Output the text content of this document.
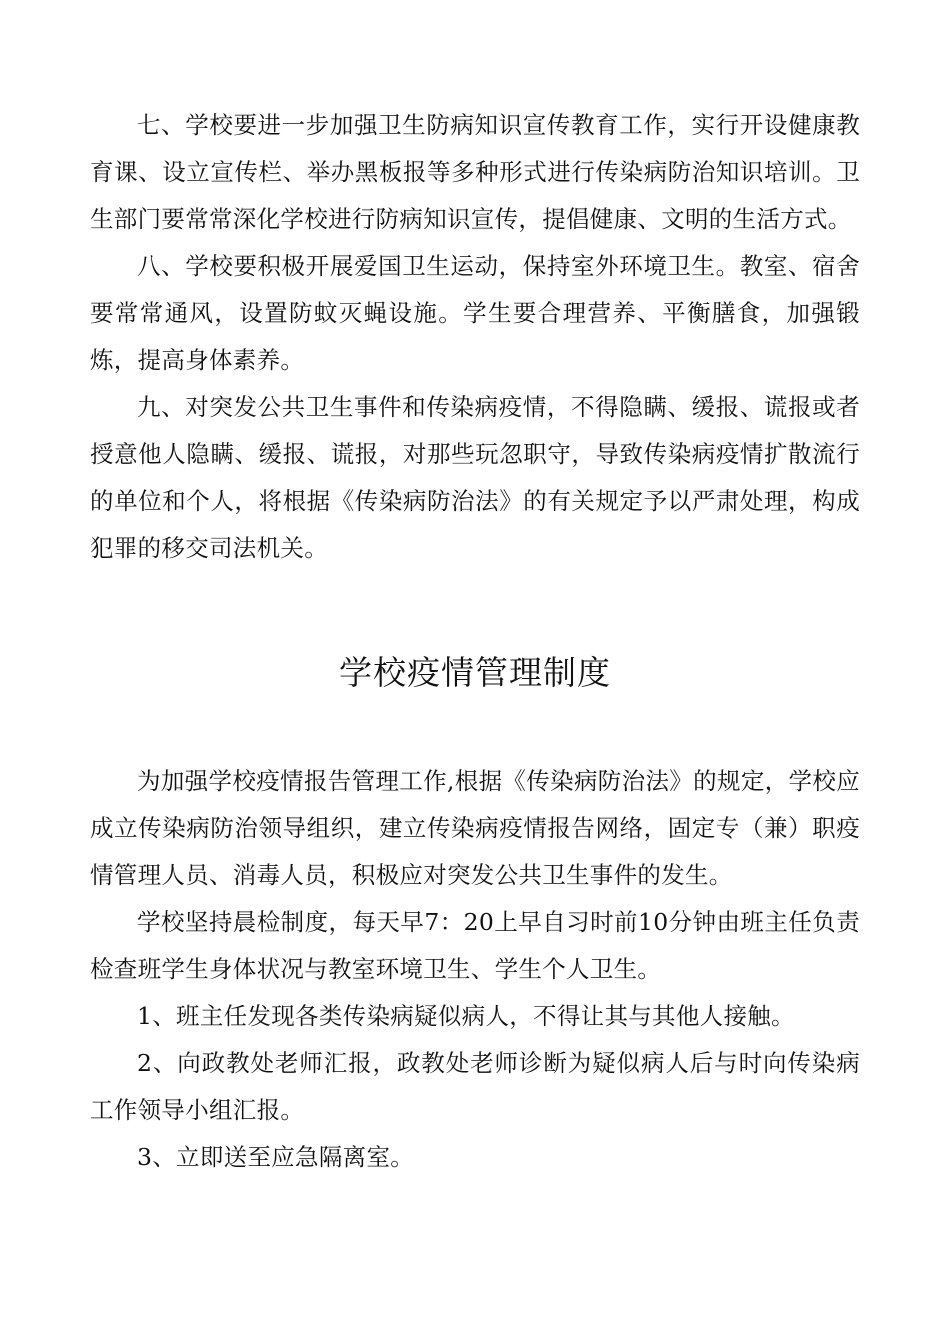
七、学校要进一步加强卫生防病知识宣传教育工作，实行开设健康教育课、设立宣传栏、举办黑板报等多种形式进行传染病防治知识培训。卫生部门要常常深化学校进行防病知识宣传，提倡健康、文明的生活方式。

八、学校要积极开展爱国卫生运动，保持室外环境卫生。教室、宿舍要常常通风，设置防蚊灭蝇设施。学生要合理营养、平衡膳食，加强锻炼，提高身体素养。

九、对突发公共卫生事件和传染病疫情，不得隐瞒、缓报、谎报或者授意他人隐瞒、缓报、谎报，对那些玩忽职守，导致传染病疫情扩散流行的单位和个人，将根据《传染病防治法》的有关规定予以严肃处理，构成犯罪的移交司法机关。

学校疫情管理制度

为加强学校疫情报告管理工作,根据《传染病防治法》的规定，学校应成立传染病防治领导组织，建立传染病疫情报告网络，固定专（兼）职疫情管理人员、消毒人员，积极应对突发公共卫生事件的发生。

学校坚持晨检制度，每天早7：20上早自习时前10分钟由班主任负责检查班学生身体状况与教室环境卫生、学生个人卫生。

1、班主任发现各类传染病疑似病人，不得让其与其他人接触。

2、向政教处老师汇报，政教处老师诊断为疑似病人后与时向传染病工作领导小组汇报。

3、立即送至应急隔离室。
